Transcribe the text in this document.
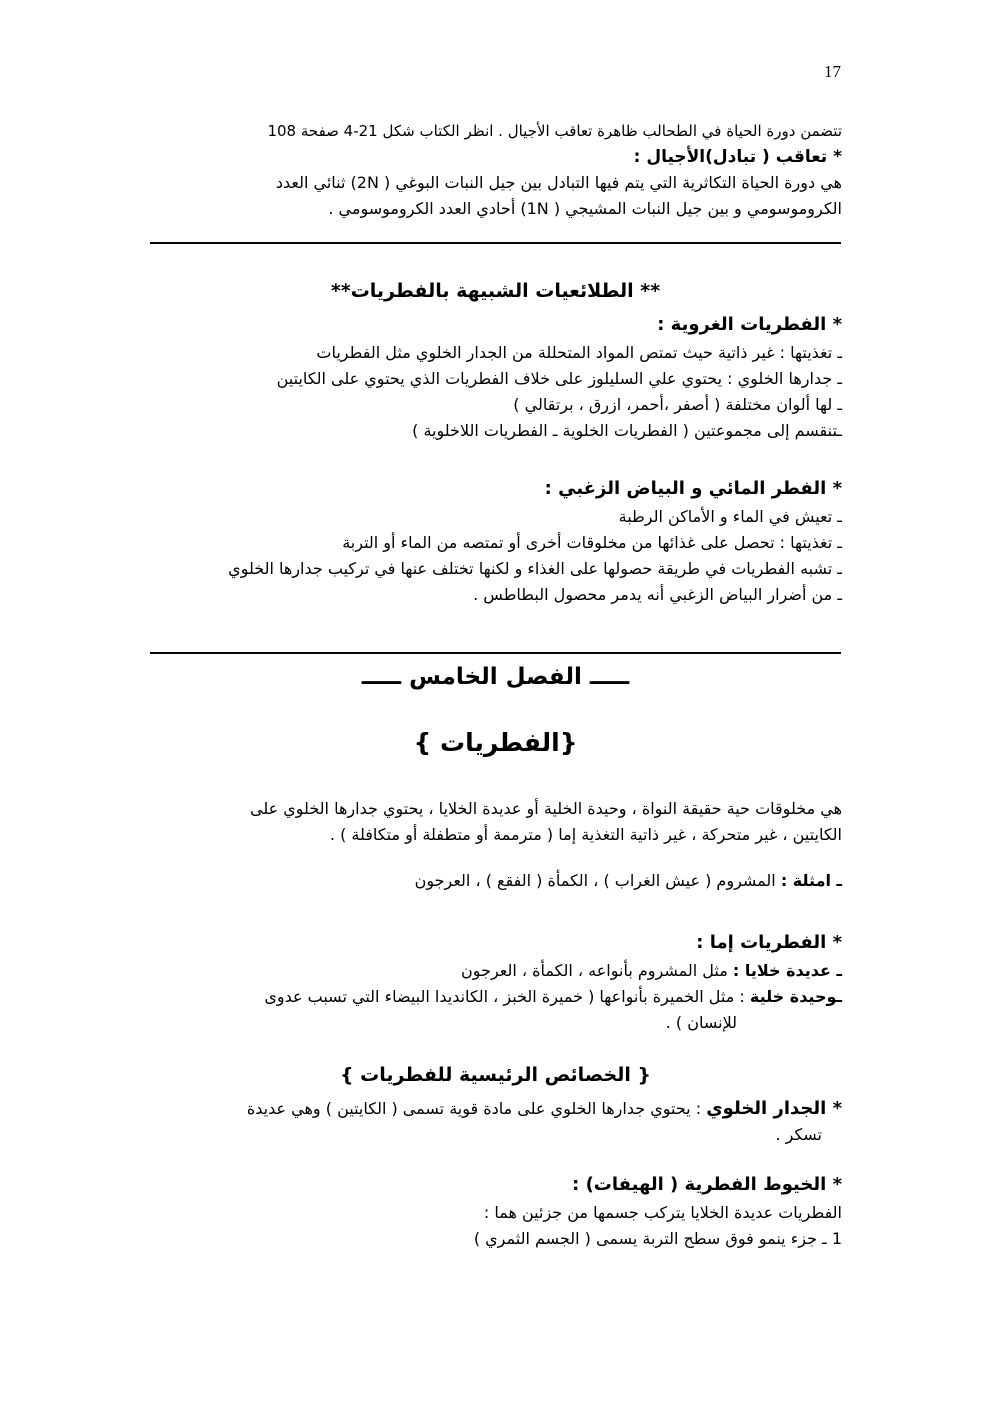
17
تتضمن دورة الحياة في الطحالب ظاهرة تعاقب الأجيال . انظر الكتاب شكل 21-4 صفحة 108
* تعاقب ( تبادل)الأجيال :
هي دورة الحياة التكاثرية التي يتم فيها التبادل بين جيل النبات البوغي ( 2N) ثنائي العدد
الكروموسومي و بين جيل النبات المشيجي ( 1N) أحادي العدد الكروموسومي .
** الطلائعيات الشبيهة بالفطريات**
* الفطريات الغروية :
ـ تغذيتها : غير ذاتية حيث تمتص المواد المتحللة من الجدار الخلوي مثل الفطريات
ـ جدارها الخلوي : يحتوي علي السليلوز على خلاف الفطريات الذي يحتوي على الكايتين
ـ لها ألوان مختلفة ( أصفر ،أحمر، ازرق ، برتقالي )
ـتنقسم إلى مجموعتين ( الفطريات الخلوية ـ الفطريات اللاخلوية )
* الفطر المائي و البياض الزغبي :
ـ تعيش في الماء و الأماكن الرطبة
ـ تغذيتها : تحصل على غذائها من مخلوقات أخرى أو تمتصه من الماء أو التربة
ـ تشبه الفطريات في طريقة حصولها على الغذاء و لكنها تختلف عنها في تركيب جدارها الخلوي
ـ من أضرار البياض الزغبي أنه يدمر محصول البطاطس .
ـــــ الفصل الخامس ـــــ
{الفطريات }
هي مخلوقات حية حقيقة النواة ، وحيدة الخلية أو عديدة الخلايا ، يحتوي جدارها الخلوي على
الكايتين ، غير متحركة ، غير ذاتية التغذية إما ( مترممة أو متطفلة أو متكافلة ) .
ـ امثلة : المشروم ( عيش الغراب ) ، الكمأة ( الفقع ) ، العرجون
* الفطريات إما :
ـ عديدة خلايا : مثل المشروم بأنواعه ، الكمأة ، العرجون
ـوحيدة خلية : مثل الخميرة بأنواعها ( خميرة الخبز ، الكانديدا البيضاء التي تسبب عدوى
للإنسان ) .
{ الخصائص الرئيسية للفطريات }
* الجدار الخلوي : يحتوي جدارها الخلوي على مادة قوية تسمى ( الكايتين ) وهي عديدة
تسكر .
* الخيوط الفطرية ( الهيفات) :
الفطريات عديدة الخلايا يتركب جسمها من جزئين هما :
1 ـ جزء ينمو فوق سطح التربة يسمى ( الجسم الثمري )
